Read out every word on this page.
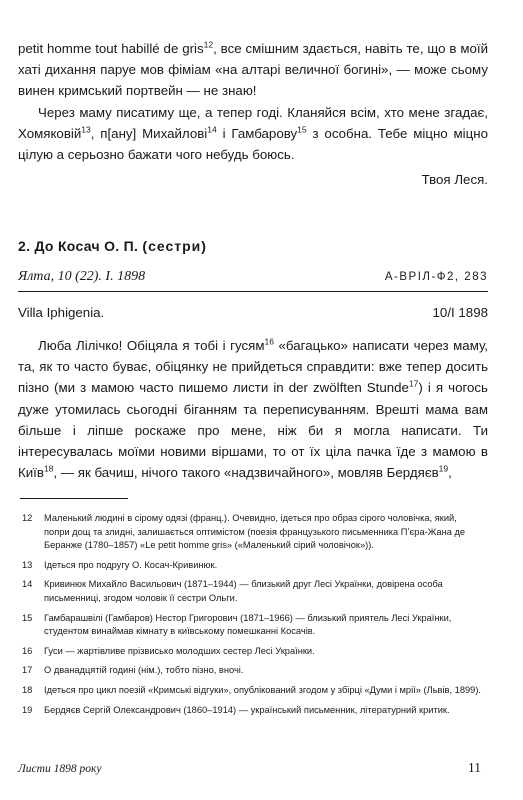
petit homme tout habillé de gris$^{12}$, все смішним здається, навіть те, що в моїй хаті дихання паруе мов фіміам «на алтарі величної богині», — може сьому винен кримський портвейн — не знаю!

Через маму писатиму ще, а тепер годі. Кланяйся всім, хто мене згадає, Хомяковій$^{13}$, п[ану] Михайлові$^{14}$ і Гамбарову$^{15}$ з особна. Тебе міцно міцно цілую а серьозно бажати чого небудь боюсь.

Твоя Леся.

2. До Косач О. П. (сестри)

Ялта, 10 (22). І. 1898	А-ВРІЛ-Ф2, 283
Villa Iphigenia.	10/I 1898

Люба Лілічко! Обіцяла я тобі і гусям$^{16}$ «багацько» написати через маму, та, як то часто буває, обіцянку не прийдеться справдити: вже тепер досить пізно (ми з мамою часто пишемо листи in der zwölften Stunde$^{17}$) і я чогось дуже утомилась сьогодні біганням та переписуванням. Врешті мама вам більше і ліпше роскаже про мене, ніж би я могла написати. Ти інтересувалась моїми новими віршами, то от їх ціла пачка їде з мамою в Київ$^{18}$, — як бачиш, нічого такого «надзвичайного», мовляв Бердяєв$^{19}$,

12	Маленький людині в сірому одязі (франц.). Очевидно, ідеться про образ сірого чоловічка, який, попри дощ та злидні, залишається оптимістом (поезія французького письменника Пʼєра-Жана де Беранже (1780–1857) «Le petit homme gris» («Маленький сірий чоловічок»)).
13	Ідеться про подругу О. Косач-Кривинюк.
14	Кривинюк Михайло Васильович (1871–1944) — близький друг Лесі Українки, довірена особа письменниці, згодом чоловік її сестри Ольги.
15	Гамбарашвілі (Гамбаров) Нестор Григорович (1871–1966) — близький приятель Лесі Українки, студентом винаймав кімнату в київському помешканні Косачів.
16	Гуси — жартівливе прізвисько молодших сестер Лесі Українки.
17	О дванадцятій годині (нім.), тобто пізно, вночі.
18	Ідеться про цикл поезій «Кримські відгуки», опублікований згодом у збірці «Думи і мрії» (Львів, 1899).
19	Бердяєв Сергій Олександрович (1860–1914) — український письменник, літературний критик.
Листи 1898 року	11
